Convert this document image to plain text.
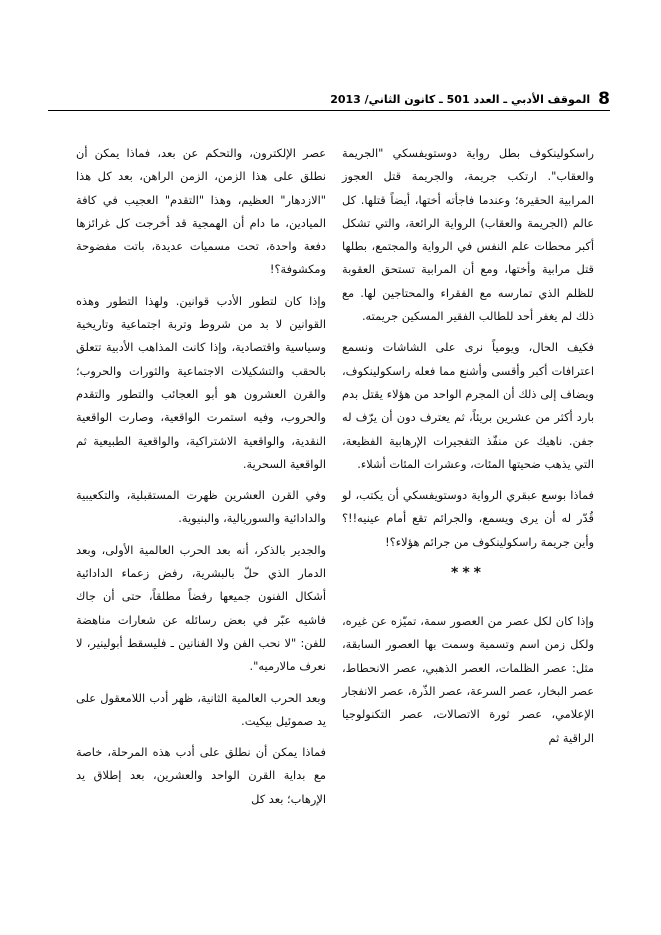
8
الموقف الأدبي ـ العدد 501 ـ كانون الثاني/ 2013

راسكولينكوف بطل رواية دوستويفسكي "الجريمة والعقاب". ارتكب جريمة، والجريمة قتل العجوز المرابية الحقيرة؛ وعندما فاجأته أختها، أيضاً قتلها. كل عالم (الجريمة والعقاب) الرواية الرائعة، والتي تشكل أكبر محطات علم النفس في الرواية والمجتمع، بطلها قتل مرابية وأختها، ومع أن المرابية تستحق العقوبة للظلم الذي تمارسه مع الفقراء والمحتاجين لها. مع ذلك لم يغفر أحد للطالب الفقير المسكين جريمته.

فكيف الحال، ويومياً نرى على الشاشات ونسمع اعترافات أكبر وأقسى وأشنع مما فعله راسكولينكوف، ويضاف إلى ذلك أن المجرم الواحد من هؤلاء يقتل بدم بارد أكثر من عشرين بريئاً، ثم يعترف دون أن يرّف له جفن. ناهيك عن منفّذ التفجيرات الإرهابية الفظيعة، التي يذهب ضحيتها المئات، وعشرات المئات أشلاء.

فماذا بوسع عبقري الرواية دوستويفسكي أن يكتب، لو قُدّر له أن يرى ويسمع، والجرائم تقع أمام عينيه!!؟ وأين جريمة راسكولينكوف من جرائم هؤلاء؟!

***

وإذا كان لكل عصر من العصور سمة، تميّزه عن غيره، ولكل زمن اسم وتسمية وسمت بها العصور السابقة، مثل: عصر الظلمات، العصر الذهبي، عصر الانحطاط، عصر البخار، عصر السرعة، عصر الذّرة، عصر الانفجار الإعلامي، عصر ثورة الاتصالات، عصر التكنولوجيا الراقية ثم

عصر الإلكترون، والتحكم عن بعد، فماذا يمكن أن نطلق على هذا الزمن، الزمن الراهن، بعد كل هذا "الازدهار" العظيم، وهذا "التقدم" العجيب في كافة الميادين، ما دام أن الهمجية قد أخرجت كل غرائزها دفعة واحدة، تحت مسميات عديدة، باتت مفضوحة ومكشوفة؟!

وإذا كان لتطور الأدب قوانين. ولهذا التطور وهذه القوانين لا بد من شروط وتربة اجتماعية وتاريخية وسياسية واقتصادية، وإذا كانت المذاهب الأدبية تتعلق بالحقب والتشكيلات الاجتماعية والثورات والحروب؛ والقرن العشرون هو أبو العجائب والتطور والتقدم والحروب، وفيه استمرت الواقعية، وصارت الواقعية النقدية، والواقعية الاشتراكية، والواقعية الطبيعية ثم الواقعية السحرية.

وفي القرن العشرين ظهرت المستقبلية، والتكعيبية والدادائية والسوريالية، والبنيوية.

والجدير بالذكر، أنه بعد الحرب العالمية الأولى، وبعد الدمار الذي حلّ بالبشرية، رفض زعماء الدادائية أشكال الفنون جميعها رفضاً مطلقاً، حتى أن جاك فاشيه عبّر في بعض رسائله عن شعارات مناهضة للفن: "لا نحب الفن ولا الفنانين ـ فليسقط أبولينير، لا نعرف مالارميه".

وبعد الحرب العالمية الثانية، ظهر أدب اللامعقول على يد صموئيل بيكيت.

فماذا يمكن أن نطلق على أدب هذه المرحلة، خاصة مع بداية القرن الواحد والعشرين، بعد إطلاق يد الإرهاب؛ بعد كل
